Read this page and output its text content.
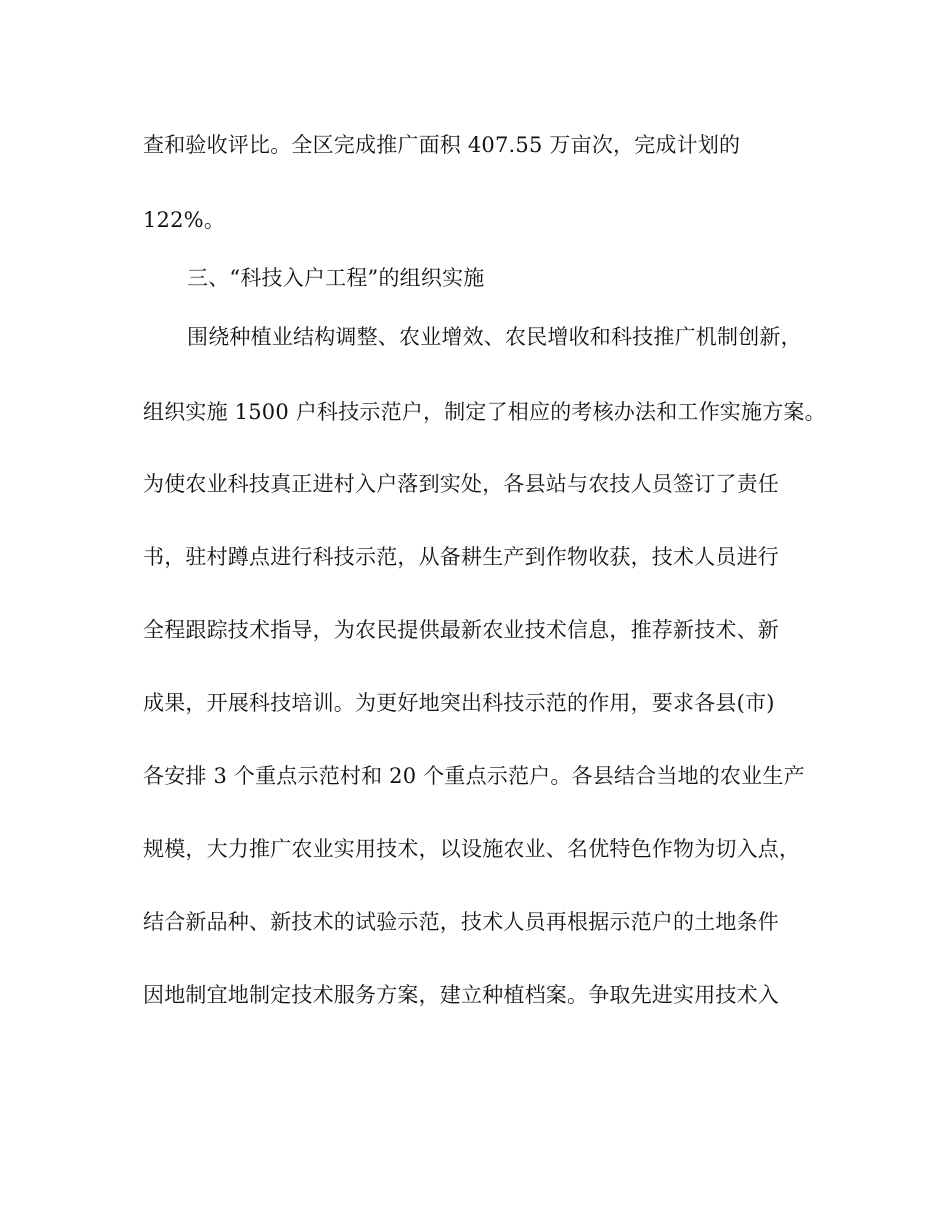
查和验收评比。全区完成推广面积 407.55 万亩次，完成计划的
122%。
三、“科技入户工程”的组织实施
围绕种植业结构调整、农业增效、农民增收和科技推广机制创新，
组织实施 1500 户科技示范户，制定了相应的考核办法和工作实施方案。
为使农业科技真正进村入户落到实处，各县站与农技人员签订了责任
书，驻村蹲点进行科技示范，从备耕生产到作物收获，技术人员进行
全程跟踪技术指导，为农民提供最新农业技术信息，推荐新技术、新
成果，开展科技培训。为更好地突出科技示范的作用，要求各县(市)
各安排 3 个重点示范村和 20 个重点示范户。各县结合当地的农业生产
规模，大力推广农业实用技术，以设施农业、名优特色作物为切入点，
结合新品种、新技术的试验示范，技术人员再根据示范户的土地条件
因地制宜地制定技术服务方案，建立种植档案。争取先进实用技术入
